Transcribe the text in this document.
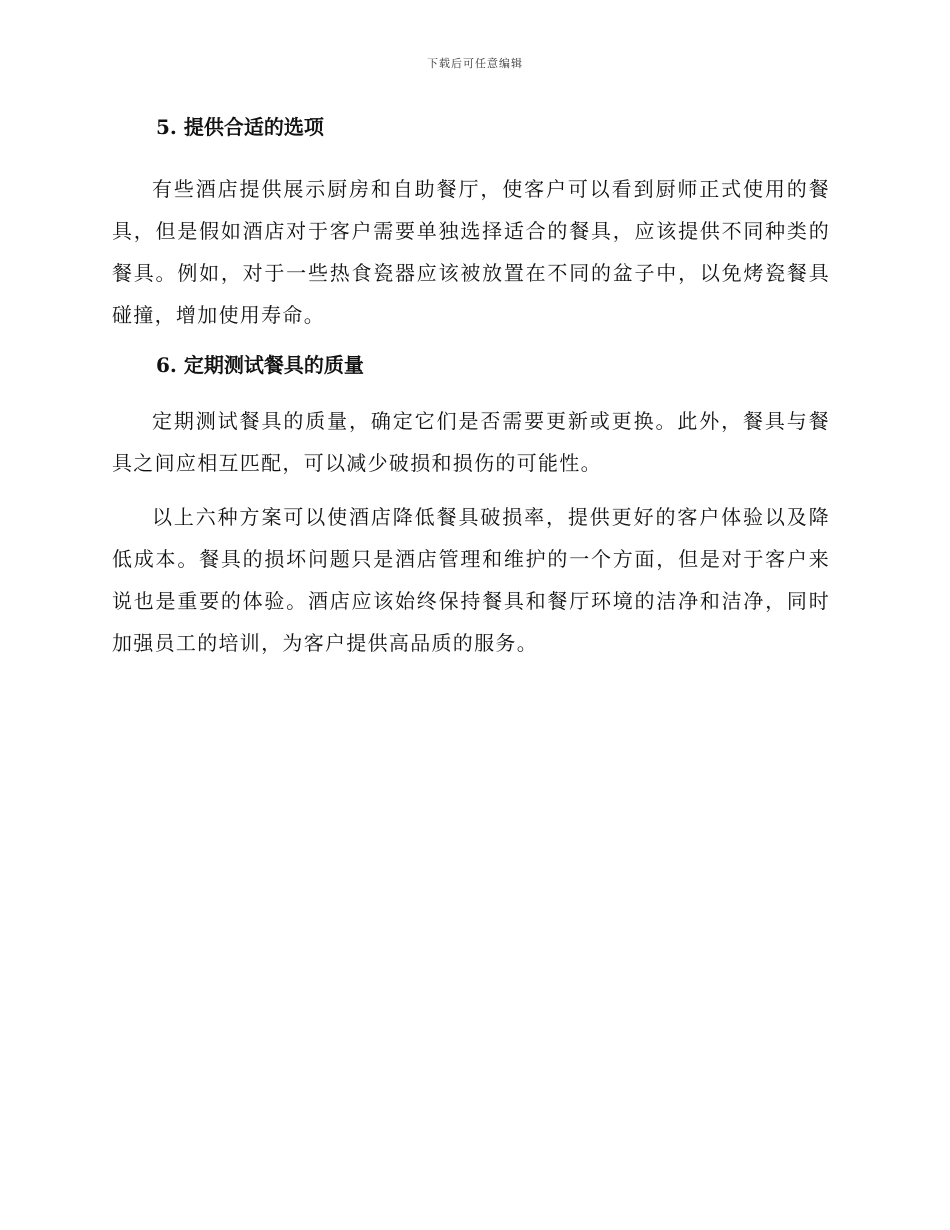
下载后可任意编辑
5. 提供合适的选项

有些酒店提供展示厨房和自助餐厅，使客户可以看到厨师正式使用的餐具，但是假如酒店对于客户需要单独选择适合的餐具，应该提供不同种类的餐具。例如，对于一些热食瓷器应该被放置在不同的盆子中，以免烤瓷餐具碰撞，增加使用寿命。

6. 定期测试餐具的质量

定期测试餐具的质量，确定它们是否需要更新或更换。此外，餐具与餐具之间应相互匹配，可以减少破损和损伤的可能性。

以上六种方案可以使酒店降低餐具破损率，提供更好的客户体验以及降低成本。餐具的损坏问题只是酒店管理和维护的一个方面，但是对于客户来说也是重要的体验。酒店应该始终保持餐具和餐厅环境的洁净和洁净，同时加强员工的培训，为客户提供高品质的服务。
